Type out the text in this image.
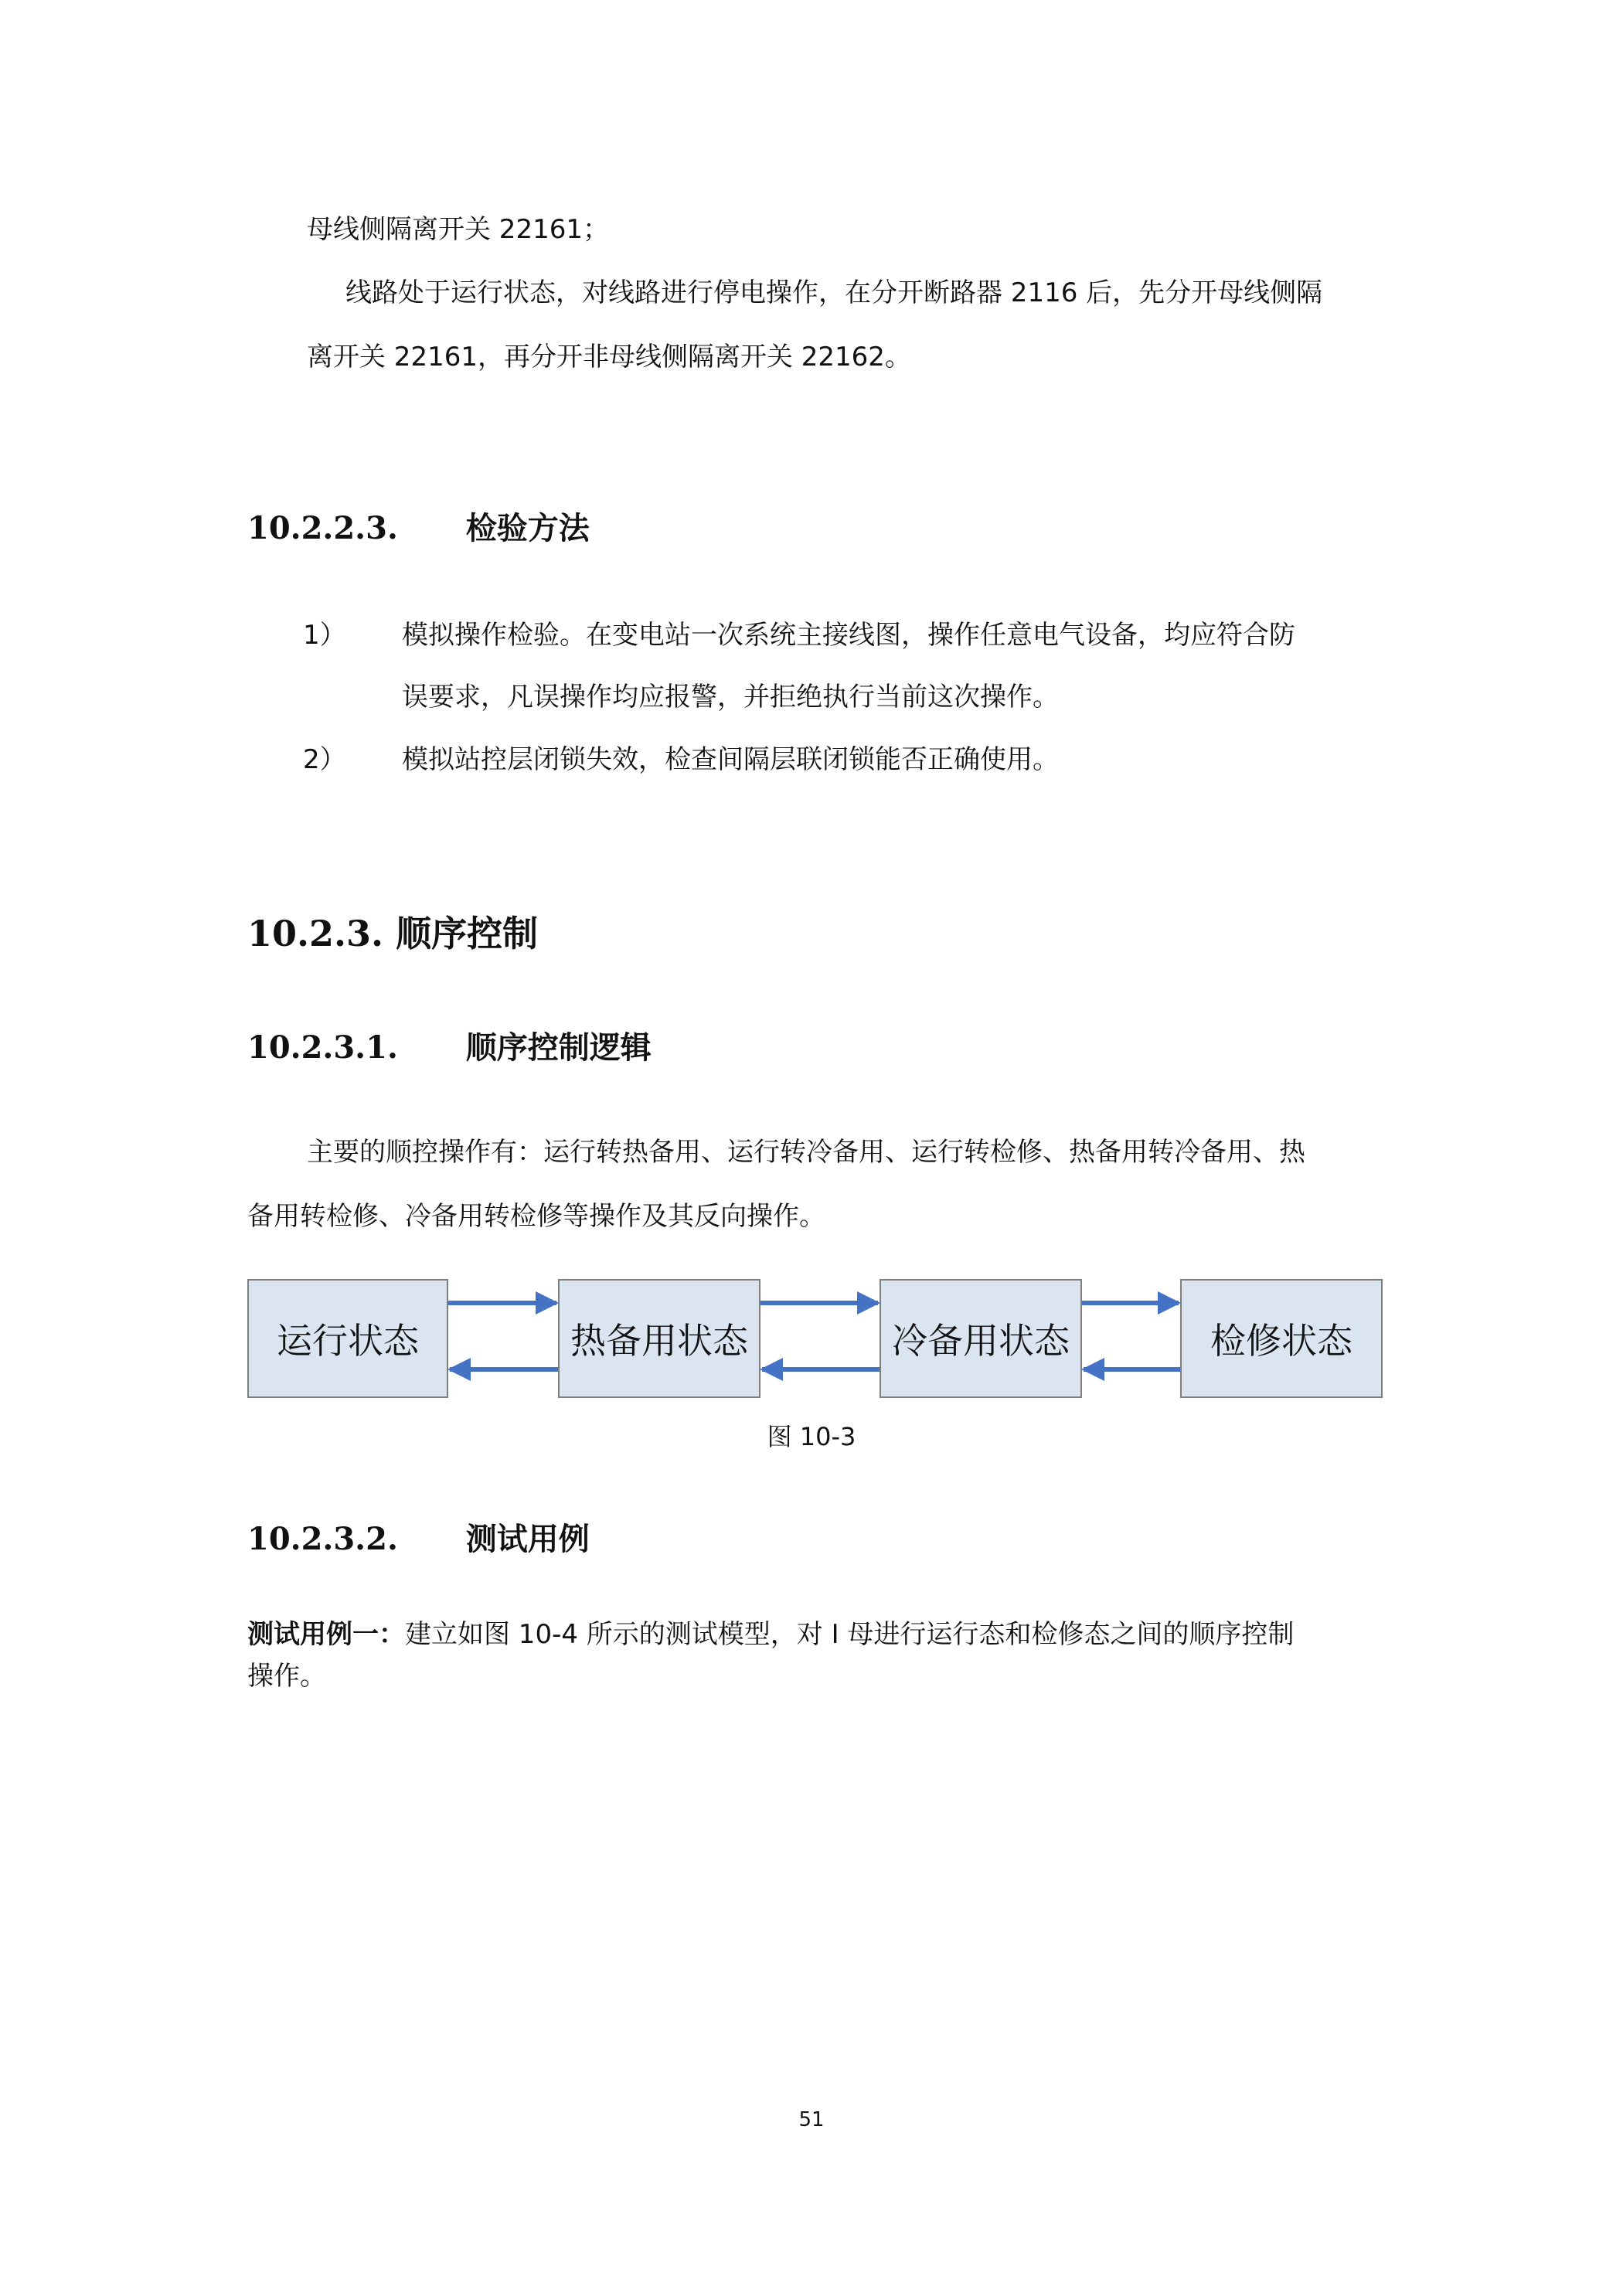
母线侧隔离开关 22161；
线路处于运行状态，对线路进行停电操作，在分开断路器 2116 后，先分开母线侧隔
离开关 22161，再分开非母线侧隔离开关 22162。
10.2.2.3. 检验方法
1） 模拟操作检验。在变电站一次系统主接线图，操作任意电气设备，均应符合防
误要求，凡误操作均应报警，并拒绝执行当前这次操作。
2） 模拟站控层闭锁失效，检查间隔层联闭锁能否正确使用。
10.2.3. 顺序控制
10.2.3.1. 顺序控制逻辑
主要的顺控操作有：运行转热备用、运行转冷备用、运行转检修、热备用转冷备用、热
备用转检修、冷备用转检修等操作及其反向操作。
运行状态	热备用状态	冷备用状态	检修状态
图 10-3
10.2.3.2. 测试用例
测试用例一：建立如图 10-4 所示的测试模型，对 I 母进行运行态和检修态之间的顺序控制
操作。
51
